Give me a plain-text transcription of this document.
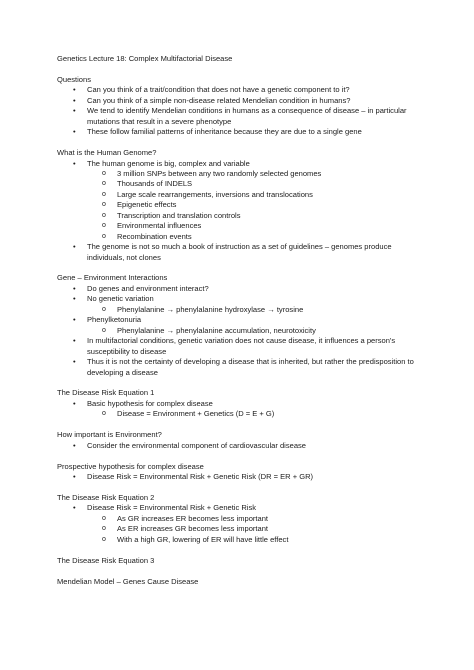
Genetics Lecture 18: Complex Multifactorial Disease
Questions
• Can you think of a trait/condition that does not have a genetic component to it?
• Can you think of a simple non-disease related Mendelian condition in humans?
• We tend to identify Mendelian conditions in humans as a consequence of disease – in particular mutations that result in a severe phenotype
• These follow familial patterns of inheritance because they are due to a single gene
What is the Human Genome?
• The human genome is big, complex and variable
o 3 million SNPs between any two randomly selected genomes
o Thousands of INDELS
o Large scale rearrangements, inversions and translocations
o Epigenetic effects
o Transcription and translation controls
o Environmental influences
o Recombination events
• The genome is not so much a book of instruction as a set of guidelines – genomes produce individuals, not clones
Gene – Environment Interactions
• Do genes and environment interact?
• No genetic variation
o Phenylalanine → phenylalanine hydroxylase → tyrosine
• Phenylketonuria
o Phenylalanine → phenylalanine accumulation, neurotoxicity
• In multifactorial conditions, genetic variation does not cause disease, it influences a person's susceptibility to disease
• Thus it is not the certainty of developing a disease that is inherited, but rather the predisposition to developing a disease
The Disease Risk Equation 1
• Basic hypothesis for complex disease
o Disease = Environment + Genetics (D = E + G)
How important is Environment?
• Consider the environmental component of cardiovascular disease
Prospective hypothesis for complex disease
• Disease Risk = Environmental Risk + Genetic Risk (DR = ER + GR)
The Disease Risk Equation 2
• Disease Risk = Environmental Risk + Genetic Risk
o As GR increases ER becomes less important
o As ER increases GR becomes less important
o With a high GR, lowering of ER will have little effect
The Disease Risk Equation 3
Mendelian Model – Genes Cause Disease
